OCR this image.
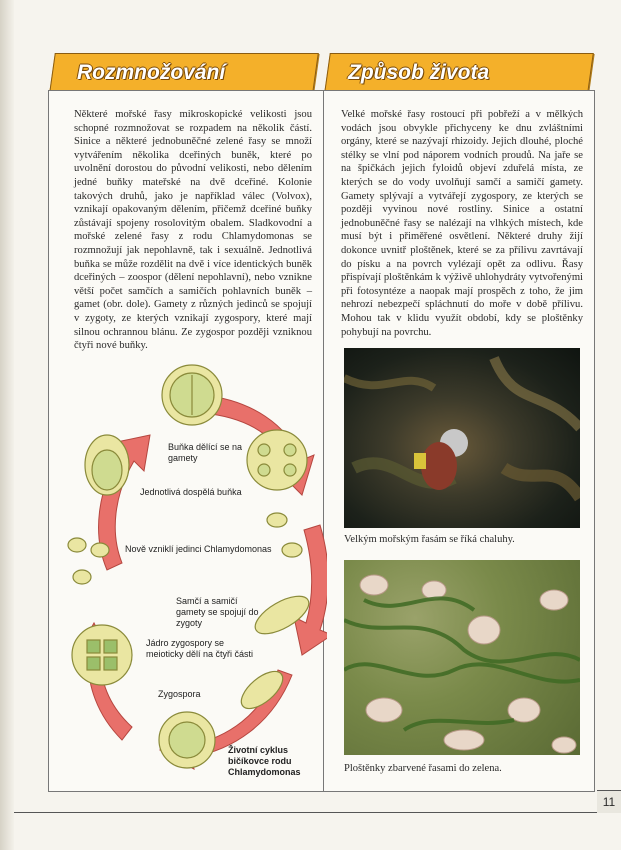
Rozmnožování	Způsob života

Některé mořské řasy mikroskopické velikosti jsou schopné rozmnožovat se rozpadem na několik částí. Sinice a některé jednobuněčné zelené řasy se množí vytvářením několika dceřiných buněk, které po uvolnění dorostou do původní velikosti, nebo dělením jedné buňky mateřské na dvě dceřiné. Kolonie takových druhů, jako je například válec (Volvox), vznikají opakovaným dělením, přičemž dceřiné buňky zůstávají spojeny rosolovitým obalem. Sladkovodní a mořské zelené řasy z rodu Chlamydomonas se rozmnožují jak nepohlavně, tak i sexuálně. Jednotlivá buňka se může rozdělit na dvě i více identických buněk dceřiných – zoospor (dělení nepohlavní), nebo vznikne větší počet samčích a samičích pohlavních buněk – gamet (obr. dole). Gamety z různých jedinců se spojují v zygoty, ze kterých vznikají zygospory, které mají silnou ochrannou blánu. Ze zygospor později vzniknou čtyři nové buňky.

Velké mořské řasy rostoucí při pobřeží a v mělkých vodách jsou obvykle přichyceny ke dnu zvláštními orgány, které se nazývají rhizoidy. Jejich dlouhé, ploché stélky se vlní pod náporem vodních proudů. Na jaře se na špičkách jejich fyloidů objeví zduřelá místa, ze kterých se do vody uvolňují samčí a samičí gamety. Gamety splývají a vytvářejí zygospory, ze kterých se později vyvinou nové rostliny. Sinice a ostatní jednobuněčné řasy se nalézají na vlhkých místech, kde musí být i přiměřené osvětlení. Některé druhy žijí dokonce uvnitř ploštěnek, které se za přílivu zavrtávají do písku a na povrch vylézají opět za odlivu. Řasy přispívají ploštěnkám k výživě uhlohydráty vytvořenými při fotosyntéze a naopak mají prospěch z toho, že jim nehrozí nebezpečí spláchnutí do moře v době přílivu. Mohou tak v klidu využít období, kdy se ploštěnky pohybují na povrchu.

Buňka dělící se na gamety
Jednotlivá dospělá buňka
Nově vzniklí jedinci Chlamydomonas
Samčí a samičí gamety se spojují do zygoty
Jádro zygospory se meioticky dělí na čtyři části
Zygospora
Životní cyklus bičíkovce rodu Chlamydomonas

Velkým mořským řasám se říká chaluhy.

Ploštěnky zbarvené řasami do zelena.

11
